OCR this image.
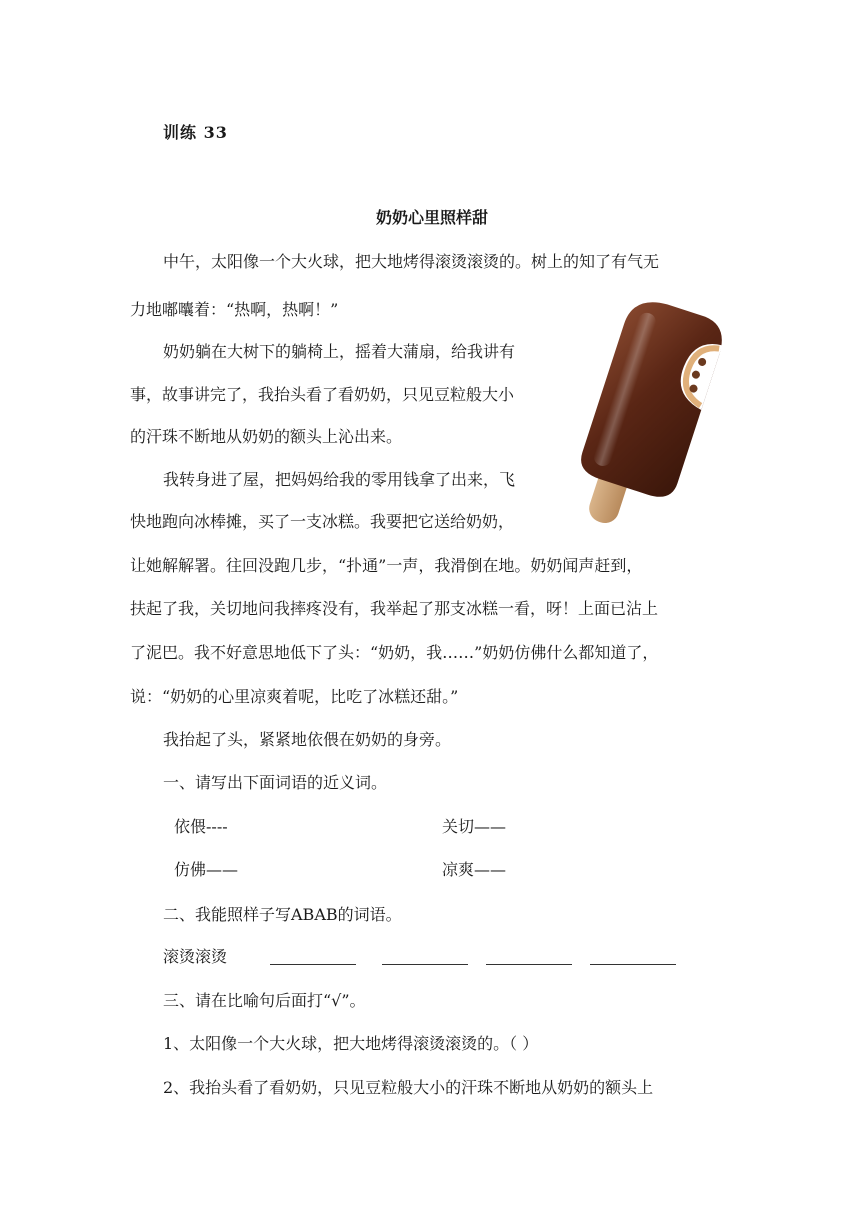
训练 33
奶奶心里照样甜
中午，太阳像一个大火球，把大地烤得滚烫滚烫的。树上的知了有气无
力地嘟囔着：“热啊，热啊！”
奶奶躺在大树下的躺椅上，摇着大蒲扇，给我讲有
事，故事讲完了，我抬头看了看奶奶，只见豆粒般大小
的汗珠不断地从奶奶的额头上沁出来。
我转身进了屋，把妈妈给我的零用钱拿了出来，飞
快地跑向冰棒摊，买了一支冰糕。我要把它送给奶奶，
让她解解署。往回没跑几步，“扑通”一声，我滑倒在地。奶奶闻声赶到，
扶起了我，关切地问我摔疼没有，我举起了那支冰糕一看，呀！上面已沾上
了泥巴。我不好意思地低下了头：“奶奶，我……”奶奶仿佛什么都知道了，
说：“奶奶的心里凉爽着呢，比吃了冰糕还甜。”
我抬起了头，紧紧地依偎在奶奶的身旁。
一、请写出下面词语的近义词。
依偎----	关切——
仿佛——	凉爽——
二、我能照样子写ABAB的词语。
滚烫滚烫
三、请在比喻句后面打“√”。
1、太阳像一个大火球，把大地烤得滚烫滚烫的。（ ）
2、我抬头看了看奶奶，只见豆粒般大小的汗珠不断地从奶奶的额头上
